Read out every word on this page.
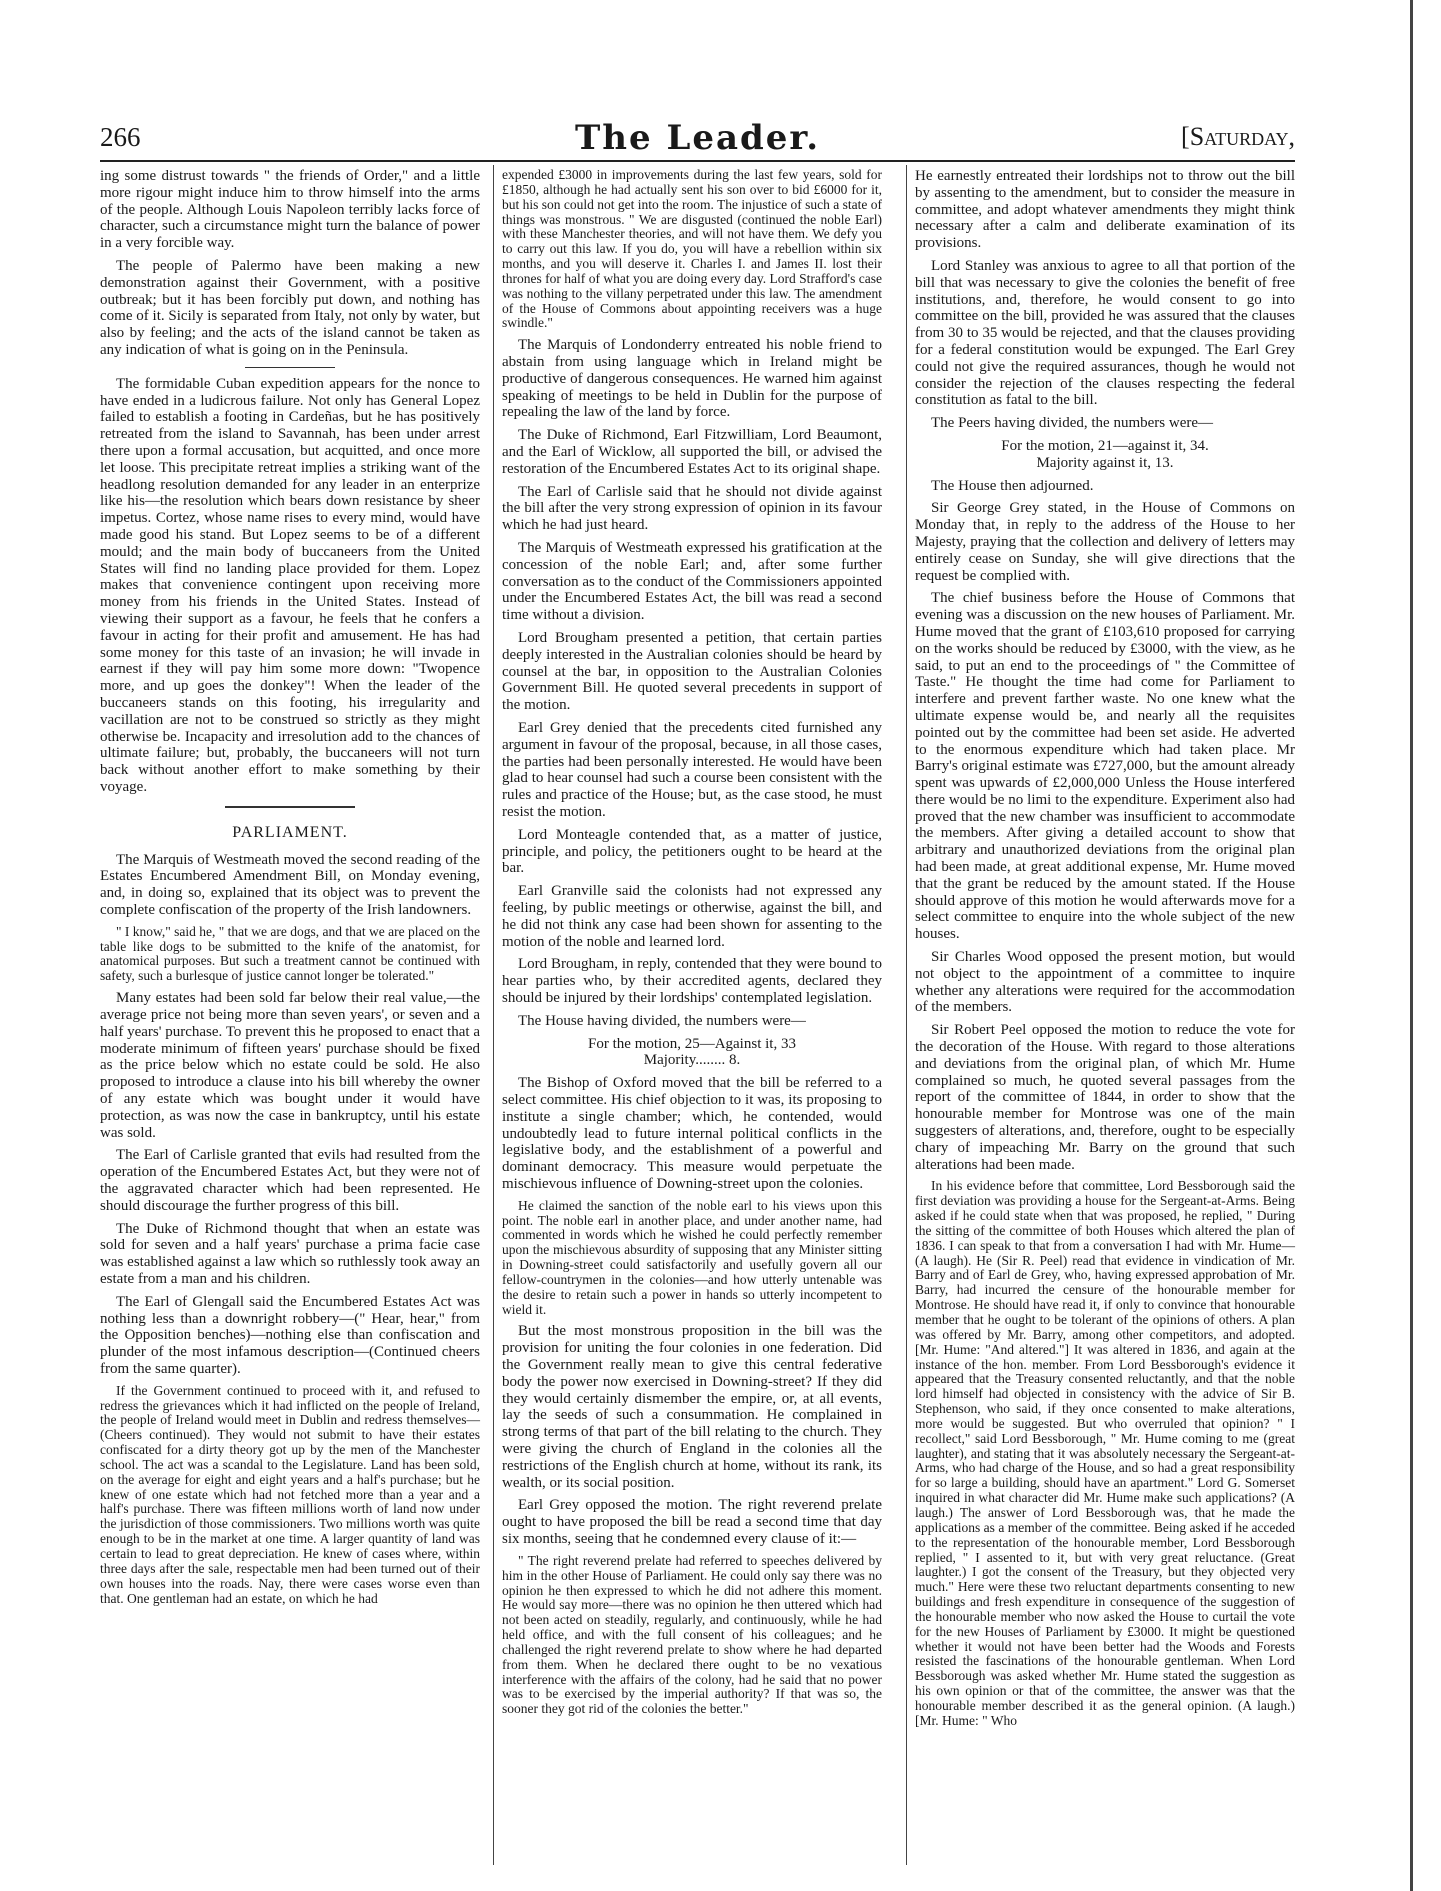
266	The Leader.	[Saturday,

ing some distrust towards " the friends of Order," and a little more rigour might induce him to throw himself into the arms of the people. Although Louis Napoleon terribly lacks force of character, such a circumstance might turn the balance of power in a very forcible way.

The people of Palermo have been making a new demonstration against their Government, with a positive outbreak; but it has been forcibly put down, and nothing has come of it. Sicily is separated from Italy, not only by water, but also by feeling; and the acts of the island cannot be taken as any indication of what is going on in the Peninsula.

The formidable Cuban expedition appears for the nonce to have ended in a ludicrous failure. Not only has General Lopez failed to establish a footing in Cardeñas, but he has positively retreated from the island to Savannah, has been under arrest there upon a formal accusation, but acquitted, and once more let loose. This precipitate retreat implies a striking want of the headlong resolution demanded for any leader in an enterprize like his—the resolution which bears down resistance by sheer impetus. Cortez, whose name rises to every mind, would have made good his stand. But Lopez seems to be of a different mould; and the main body of buccaneers from the United States will find no landing place provided for them. Lopez makes that convenience contingent upon receiving more money from his friends in the United States. Instead of viewing their support as a favour, he feels that he confers a favour in acting for their profit and amusement. He has had some money for this taste of an invasion; he will invade in earnest if they will pay him some more down: "Twopence more, and up goes the donkey"! When the leader of the buccaneers stands on this footing, his irregularity and vacillation are not to be construed so strictly as they might otherwise be. Incapacity and irresolution add to the chances of ultimate failure; but, probably, the buccaneers will not turn back without another effort to make something by their voyage.

PARLIAMENT.

The Marquis of Westmeath moved the second reading of the Estates Encumbered Amendment Bill, on Monday evening, and, in doing so, explained that its object was to prevent the complete confiscation of the property of the Irish landowners.

" I know," said he, " that we are dogs, and that we are placed on the table like dogs to be submitted to the knife of the anatomist, for anatomical purposes. But such a treatment cannot be continued with safety, such a burlesque of justice cannot longer be tolerated."

Many estates had been sold far below their real value,—the average price not being more than seven years', or seven and a half years' purchase. To prevent this he proposed to enact that a moderate minimum of fifteen years' purchase should be fixed as the price below which no estate could be sold. He also proposed to introduce a clause into his bill whereby the owner of any estate which was bought under it would have protection, as was now the case in bankruptcy, until his estate was sold.

The Earl of Carlisle granted that evils had resulted from the operation of the Encumbered Estates Act, but they were not of the aggravated character which had been represented. He should discourage the further progress of this bill.

The Duke of Richmond thought that when an estate was sold for seven and a half years' purchase a prima facie case was established against a law which so ruthlessly took away an estate from a man and his children.

The Earl of Glengall said the Encumbered Estates Act was nothing less than a downright robbery—(" Hear, hear," from the Opposition benches)—nothing else than confiscation and plunder of the most infamous description—(Continued cheers from the same quarter).

If the Government continued to proceed with it, and refused to redress the grievances which it had inflicted on the people of Ireland, the people of Ireland would meet in Dublin and redress themselves—(Cheers continued). They would not submit to have their estates confiscated for a dirty theory got up by the men of the Manchester school. The act was a scandal to the Legislature. Land has been sold, on the average for eight and eight years and a half's purchase; but he knew of one estate which had not fetched more than a year and a half's purchase. There was fifteen millions worth of land now under the jurisdiction of those commissioners. Two millions worth was quite enough to be in the market at one time. A larger quantity of land was certain to lead to great depreciation. He knew of cases where, within three days after the sale, respectable men had been turned out of their own houses into the roads. Nay, there were cases worse even than that. One gentleman had an estate, on which he had

expended £3000 in improvements during the last few years, sold for £1850, although he had actually sent his son over to bid £6000 for it, but his son could not get into the room. The injustice of such a state of things was monstrous. " We are disgusted (continued the noble Earl) with these Manchester theories, and will not have them. We defy you to carry out this law. If you do, you will have a rebellion within six months, and you will deserve it. Charles I. and James II. lost their thrones for half of what you are doing every day. Lord Strafford's case was nothing to the villany perpetrated under this law. The amendment of the House of Commons about appointing receivers was a huge swindle."

The Marquis of Londonderry entreated his noble friend to abstain from using language which in Ireland might be productive of dangerous consequences. He warned him against speaking of meetings to be held in Dublin for the purpose of repealing the law of the land by force.

The Duke of Richmond, Earl Fitzwilliam, Lord Beaumont, and the Earl of Wicklow, all supported the bill, or advised the restoration of the Encumbered Estates Act to its original shape.

The Earl of Carlisle said that he should not divide against the bill after the very strong expression of opinion in its favour which he had just heard.

The Marquis of Westmeath expressed his gratification at the concession of the noble Earl; and, after some further conversation as to the conduct of the Commissioners appointed under the Encumbered Estates Act, the bill was read a second time without a division.

Lord Brougham presented a petition, that certain parties deeply interested in the Australian colonies should be heard by counsel at the bar, in opposition to the Australian Colonies Government Bill. He quoted several precedents in support of the motion.

Earl Grey denied that the precedents cited furnished any argument in favour of the proposal, because, in all those cases, the parties had been personally interested. He would have been glad to hear counsel had such a course been consistent with the rules and practice of the House; but, as the case stood, he must resist the motion.

Lord Monteagle contended that, as a matter of justice, principle, and policy, the petitioners ought to be heard at the bar.

Earl Granville said the colonists had not expressed any feeling, by public meetings or otherwise, against the bill, and he did not think any case had been shown for assenting to the motion of the noble and learned lord.

Lord Brougham, in reply, contended that they were bound to hear parties who, by their accredited agents, declared they should be injured by their lordships' contemplated legislation.

The House having divided, the numbers were—

For the motion, 25—Against it, 33

Majority........ 8.

The Bishop of Oxford moved that the bill be referred to a select committee. His chief objection to it was, its proposing to institute a single chamber; which, he contended, would undoubtedly lead to future internal political conflicts in the legislative body, and the establishment of a powerful and dominant democracy. This measure would perpetuate the mischievous influence of Downing-street upon the colonies.

He claimed the sanction of the noble earl to his views upon this point. The noble earl in another place, and under another name, had commented in words which he wished he could perfectly remember upon the mischievous absurdity of supposing that any Minister sitting in Downing-street could satisfactorily and usefully govern all our fellow-countrymen in the colonies—and how utterly untenable was the desire to retain such a power in hands so utterly incompetent to wield it.

But the most monstrous proposition in the bill was the provision for uniting the four colonies in one federation. Did the Government really mean to give this central federative body the power now exercised in Downing-street? If they did they would certainly dismember the empire, or, at all events, lay the seeds of such a consummation. He complained in strong terms of that part of the bill relating to the church. They were giving the church of England in the colonies all the restrictions of the English church at home, without its rank, its wealth, or its social position.

Earl Grey opposed the motion. The right reverend prelate ought to have proposed the bill be read a second time that day six months, seeing that he condemned every clause of it:—

" The right reverend prelate had referred to speeches delivered by him in the other House of Parliament. He could only say there was no opinion he then expressed to which he did not adhere this moment. He would say more—there was no opinion he then uttered which had not been acted on steadily, regularly, and continuously, while he had held office, and with the full consent of his colleagues; and he challenged the right reverend prelate to show where he had departed from them. When he declared there ought to be no vexatious interference with the affairs of the colony, had he said that no power was to be exercised by the imperial authority? If that was so, the sooner they got rid of the colonies the better."

He earnestly entreated their lordships not to throw out the bill by assenting to the amendment, but to consider the measure in committee, and adopt whatever amendments they might think necessary after a calm and deliberate examination of its provisions.

Lord Stanley was anxious to agree to all that portion of the bill that was necessary to give the colonies the benefit of free institutions, and, therefore, he would consent to go into committee on the bill, provided he was assured that the clauses from 30 to 35 would be rejected, and that the clauses providing for a federal constitution would be expunged. The Earl Grey could not give the required assurances, though he would not consider the rejection of the clauses respecting the federal constitution as fatal to the bill.

The Peers having divided, the numbers were—

For the motion, 21—against it, 34.

Majority against it, 13.

The House then adjourned.

Sir George Grey stated, in the House of Commons on Monday that, in reply to the address of the House to her Majesty, praying that the collection and delivery of letters may entirely cease on Sunday, she will give directions that the request be complied with.

The chief business before the House of Commons that evening was a discussion on the new houses of Parliament. Mr. Hume moved that the grant of £103,610 proposed for carrying on the works should be reduced by £3000, with the view, as he said, to put an end to the proceedings of " the Committee of Taste." He thought the time had come for Parliament to interfere and prevent farther waste. No one knew what the ultimate expense would be, and nearly all the requisites pointed out by the committee had been set aside. He adverted to the enormous expenditure which had taken place. Mr Barry's original estimate was £727,000, but the amount already spent was upwards of £2,000,000 Unless the House interfered there would be no limi to the expenditure. Experiment also had proved that the new chamber was insufficient to accommodate the members. After giving a detailed account to show that arbitrary and unauthorized deviations from the original plan had been made, at great additional expense, Mr. Hume moved that the grant be reduced by the amount stated. If the House should approve of this motion he would afterwards move for a select committee to enquire into the whole subject of the new houses.

Sir Charles Wood opposed the present motion, but would not object to the appointment of a committee to inquire whether any alterations were required for the accommodation of the members.

Sir Robert Peel opposed the motion to reduce the vote for the decoration of the House. With regard to those alterations and deviations from the original plan, of which Mr. Hume complained so much, he quoted several passages from the report of the committee of 1844, in order to show that the honourable member for Montrose was one of the main suggesters of alterations, and, therefore, ought to be especially chary of impeaching Mr. Barry on the ground that such alterations had been made.

In his evidence before that committee, Lord Bessborough said the first deviation was providing a house for the Sergeant-at-Arms. Being asked if he could state when that was proposed, he replied, " During the sitting of the committee of both Houses which altered the plan of 1836. I can speak to that from a conversation I had with Mr. Hume—(A laugh). He (Sir R. Peel) read that evidence in vindication of Mr. Barry and of Earl de Grey, who, having expressed approbation of Mr. Barry, had incurred the censure of the honourable member for Montrose. He should have read it, if only to convince that honourable member that he ought to be tolerant of the opinions of others. A plan was offered by Mr. Barry, among other competitors, and adopted. [Mr. Hume: "And altered."] It was altered in 1836, and again at the instance of the hon. member. From Lord Bessborough's evidence it appeared that the Treasury consented reluctantly, and that the noble lord himself had objected in consistency with the advice of Sir B. Stephenson, who said, if they once consented to make alterations, more would be suggested. But who overruled that opinion? " I recollect," said Lord Bessborough, " Mr. Hume coming to me (great laughter), and stating that it was absolutely necessary the Sergeant-at-Arms, who had charge of the House, and so had a great responsibility for so large a building, should have an apartment." Lord G. Somerset inquired in what character did Mr. Hume make such applications? (A laugh.) The answer of Lord Bessborough was, that he made the applications as a member of the committee. Being asked if he acceded to the representation of the honourable member, Lord Bessborough replied, " I assented to it, but with very great reluctance. (Great laughter.) I got the consent of the Treasury, but they objected very much." Here were these two reluctant departments consenting to new buildings and fresh expenditure in consequence of the suggestion of the honourable member who now asked the House to curtail the vote for the new Houses of Parliament by £3000. It might be questioned whether it would not have been better had the Woods and Forests resisted the fascinations of the honourable gentleman. When Lord Bessborough was asked whether Mr. Hume stated the suggestion as his own opinion or that of the committee, the answer was that the honourable member described it as the general opinion. (A laugh.) [Mr. Hume: " Who
